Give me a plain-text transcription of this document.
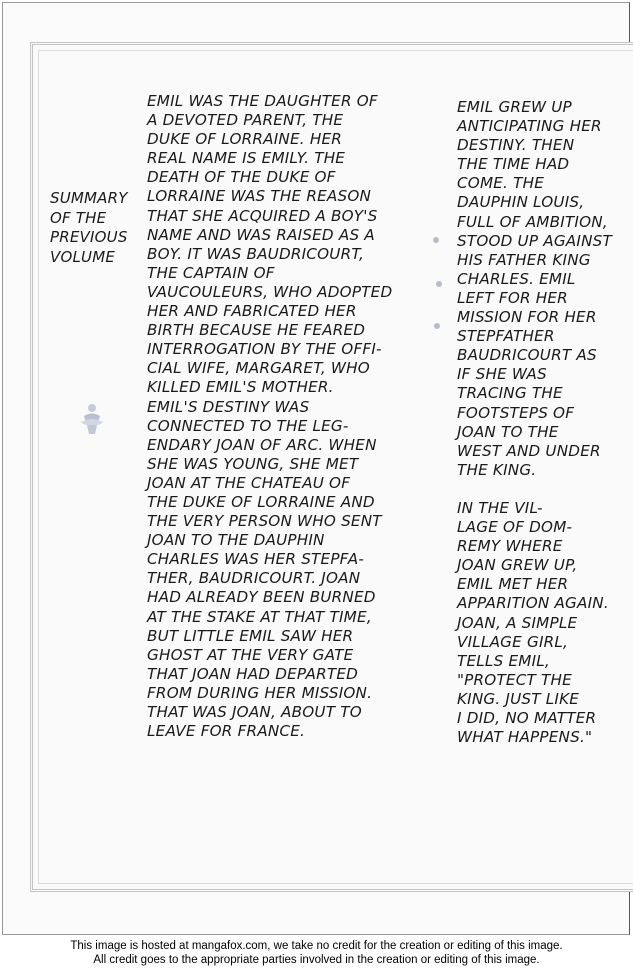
SUMMARY
OF THE
PREVIOUS
VOLUME

EMIL WAS THE DAUGHTER OF
A DEVOTED PARENT, THE
DUKE OF LORRAINE. HER
REAL NAME IS EMILY. THE
DEATH OF THE DUKE OF
LORRAINE WAS THE REASON
THAT SHE ACQUIRED A BOY'S
NAME AND WAS RAISED AS A
BOY. IT WAS BAUDRICOURT,
THE CAPTAIN OF
VAUCOULEURS, WHO ADOPTED
HER AND FABRICATED HER
BIRTH BECAUSE HE FEARED
INTERROGATION BY THE OFFI-
CIAL WIFE, MARGARET, WHO
KILLED EMIL'S MOTHER.
EMIL'S DESTINY WAS
CONNECTED TO THE LEG-
ENDARY JOAN OF ARC. WHEN
SHE WAS YOUNG, SHE MET
JOAN AT THE CHATEAU OF
THE DUKE OF LORRAINE AND
THE VERY PERSON WHO SENT
JOAN TO THE DAUPHIN
CHARLES WAS HER STEPFA-
THER, BAUDRICOURT. JOAN
HAD ALREADY BEEN BURNED
AT THE STAKE AT THAT TIME,
BUT LITTLE EMIL SAW HER
GHOST AT THE VERY GATE
THAT JOAN HAD DEPARTED
FROM DURING HER MISSION.
THAT WAS JOAN, ABOUT TO
LEAVE FOR FRANCE.

EMIL GREW UP
ANTICIPATING HER
DESTINY. THEN
THE TIME HAD
COME. THE
DAUPHIN LOUIS,
FULL OF AMBITION,
STOOD UP AGAINST
HIS FATHER KING
CHARLES. EMIL
LEFT FOR HER
MISSION FOR HER
STEPFATHER
BAUDRICOURT AS
IF SHE WAS
TRACING THE
FOOTSTEPS OF
JOAN TO THE
WEST AND UNDER
THE KING.

IN THE VIL-
LAGE OF DOM-
REMY WHERE
JOAN GREW UP,
EMIL MET HER
APPARITION AGAIN.
JOAN, A SIMPLE
VILLAGE GIRL,
TELLS EMIL,
"PROTECT THE
KING. JUST LIKE
I DID, NO MATTER
WHAT HAPPENS."

This image is hosted at mangafox.com, we take no credit for the creation or editing of this image.
All credit goes to the appropriate parties involved in the creation or editing of this image.
